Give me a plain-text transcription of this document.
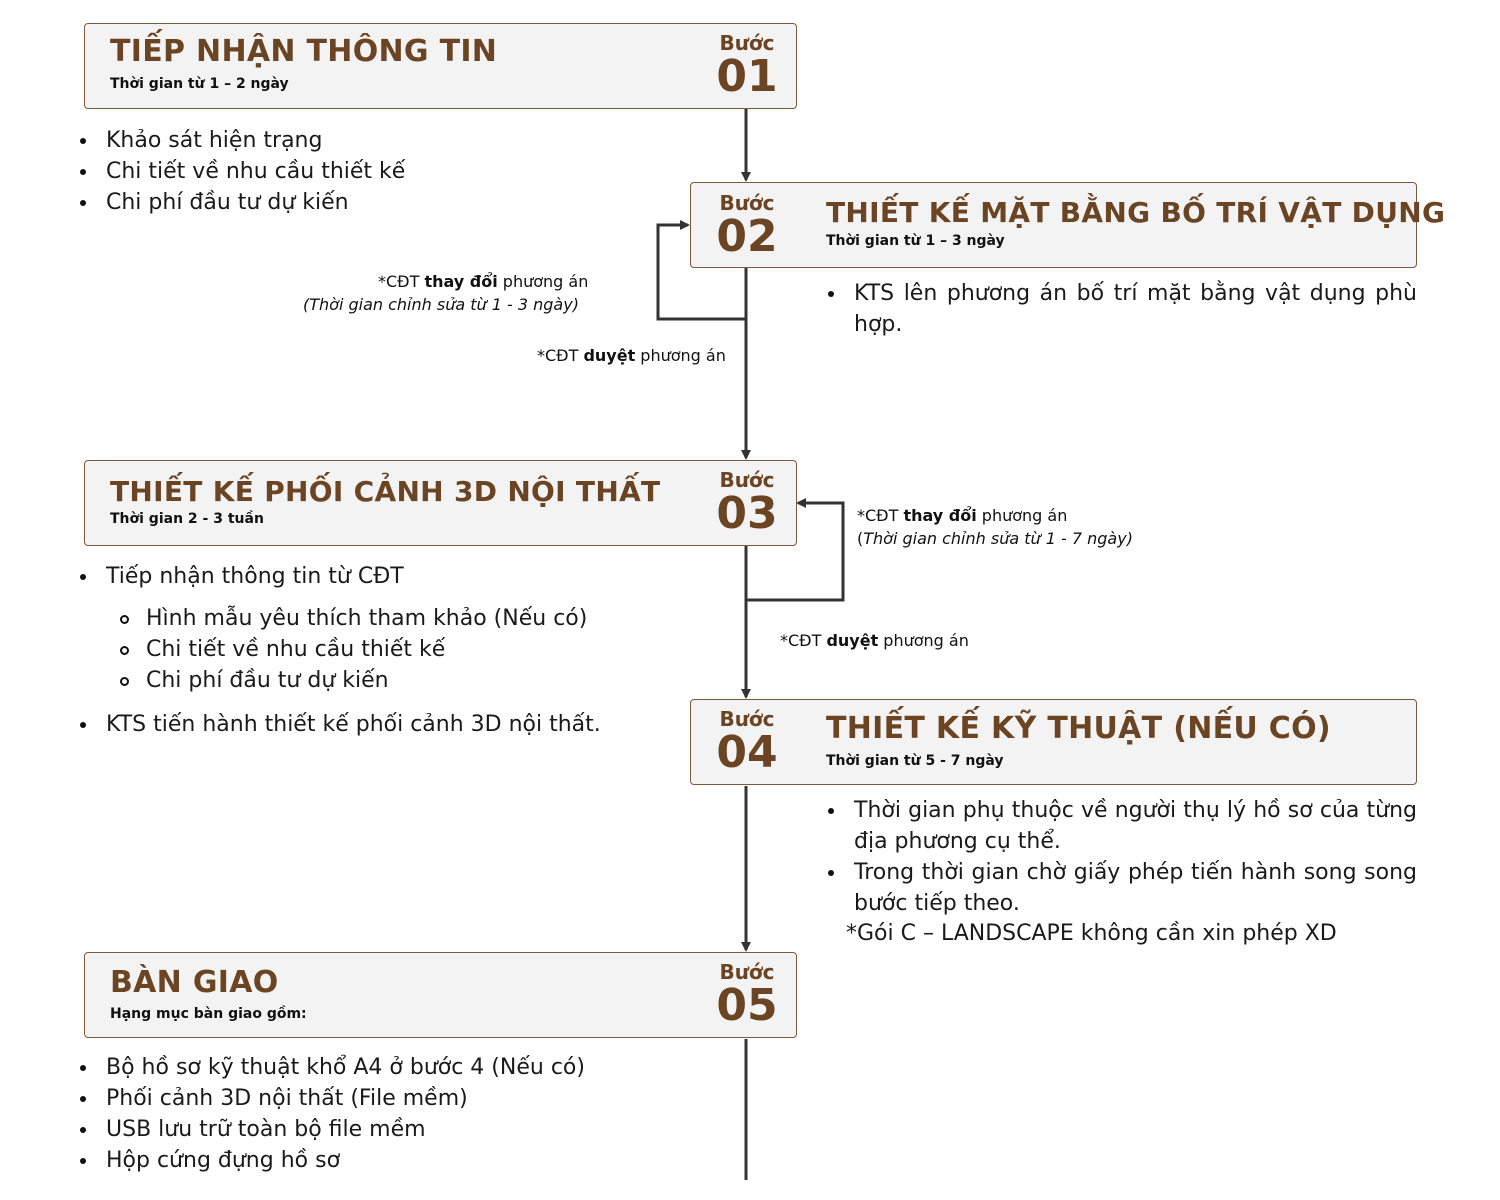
TIẾP NHẬN THÔNG TIN
Thời gian từ 1 – 2 ngày
Bước
01
Khảo sát hiện trạng
Chi tiết về nhu cầu thiết kế
Chi phí đầu tư dự kiến	Bước
02	THIẾT KẾ MẶT BẰNG BỐ TRÍ VẬT DỤNG
Thời gian từ 1 – 3 ngày
KTS lên phương án bố trí mặt bằng vật dụng phù hợp.
*CĐT thay đổi phương án
(Thời gian chỉnh sửa từ 1 - 3 ngày)
*CĐT duyệt phương án
THIẾT KẾ PHỐI CẢNH 3D NỘI THẤT
Thời gian 2 - 3 tuần
Bước
03
Tiếp nhận thông tin từ CĐT
Hình mẫu yêu thích tham khảo (Nếu có)
Chi tiết về nhu cầu thiết kế
Chi phí đầu tư dự kiến
KTS tiến hành thiết kế phối cảnh 3D nội thất.
*CĐT thay đổi phương án
(Thời gian chỉnh sửa từ 1 - 7 ngày)
*CĐT duyệt phương án
Bước
04	THIẾT KẾ KỸ THUẬT (NẾU CÓ)
Thời gian từ 5 - 7 ngày
Thời gian phụ thuộc về người thụ lý hồ sơ của từng địa phương cụ thể.
Trong thời gian chờ giấy phép tiến hành song song bước tiếp theo.
*Gói C – LANDSCAPE không cần xin phép XD
BÀN GIAO
Hạng mục bàn giao gồm:
Bước
05
Bộ hồ sơ kỹ thuật khổ A4 ở bước 4 (Nếu có)
Phối cảnh 3D nội thất (File mềm)
USB lưu trữ toàn bộ file mềm
Hộp cứng đựng hồ sơ
